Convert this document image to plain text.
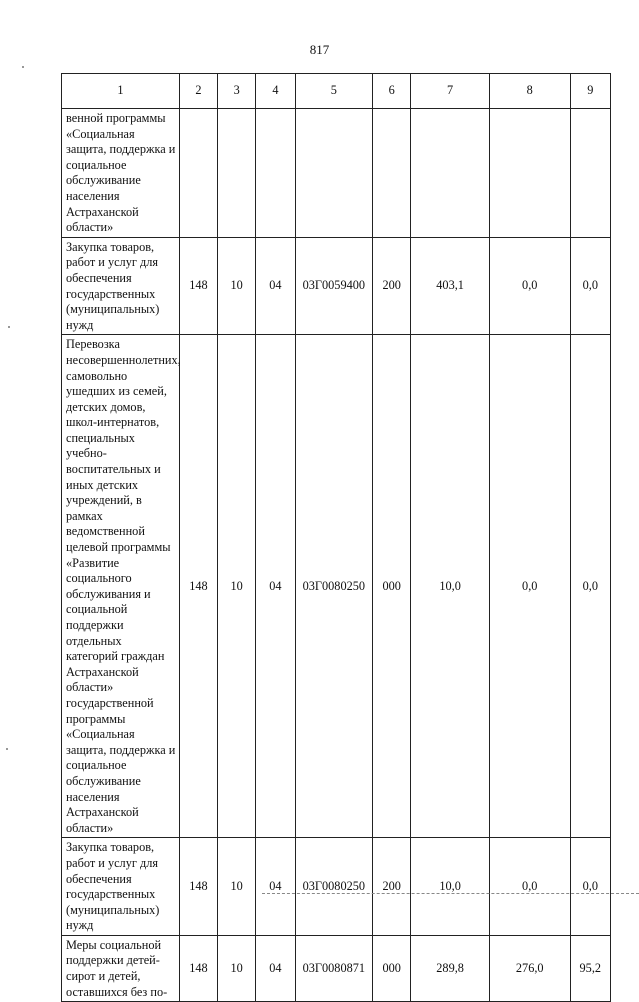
817
1	2	3	4	5	6	7	8	9
венной программы «Социальная защита, поддержка и социальное обслуживание населения Астраханской области»								
Закупка товаров, работ и услуг для обеспечения государственных (муниципальных) нужд	148	10	04	03Г0059400	200	403,1	0,0	0,0
Перевозка несовершеннолетних, самовольно ушедших из семей, детских домов, школ-интернатов, специальных учебно-воспитательных и иных детских учреждений, в рамках ведомственной целевой программы «Развитие социального обслуживания и социальной поддержки отдельных категорий граждан Астраханской области» государственной программы «Социальная защита, поддержка и социальное обслуживание населения Астраханской области»	148	10	04	03Г0080250	000	10,0	0,0	0,0
Закупка товаров, работ и услуг для обеспечения государственных (муниципальных) нужд	148	10	04	03Г0080250	200	10,0	0,0	0,0
Меры социальной поддержки детей-сирот и детей, оставшихся без по-	148	10	04	03Г0080871	000	289,8	276,0	95,2
